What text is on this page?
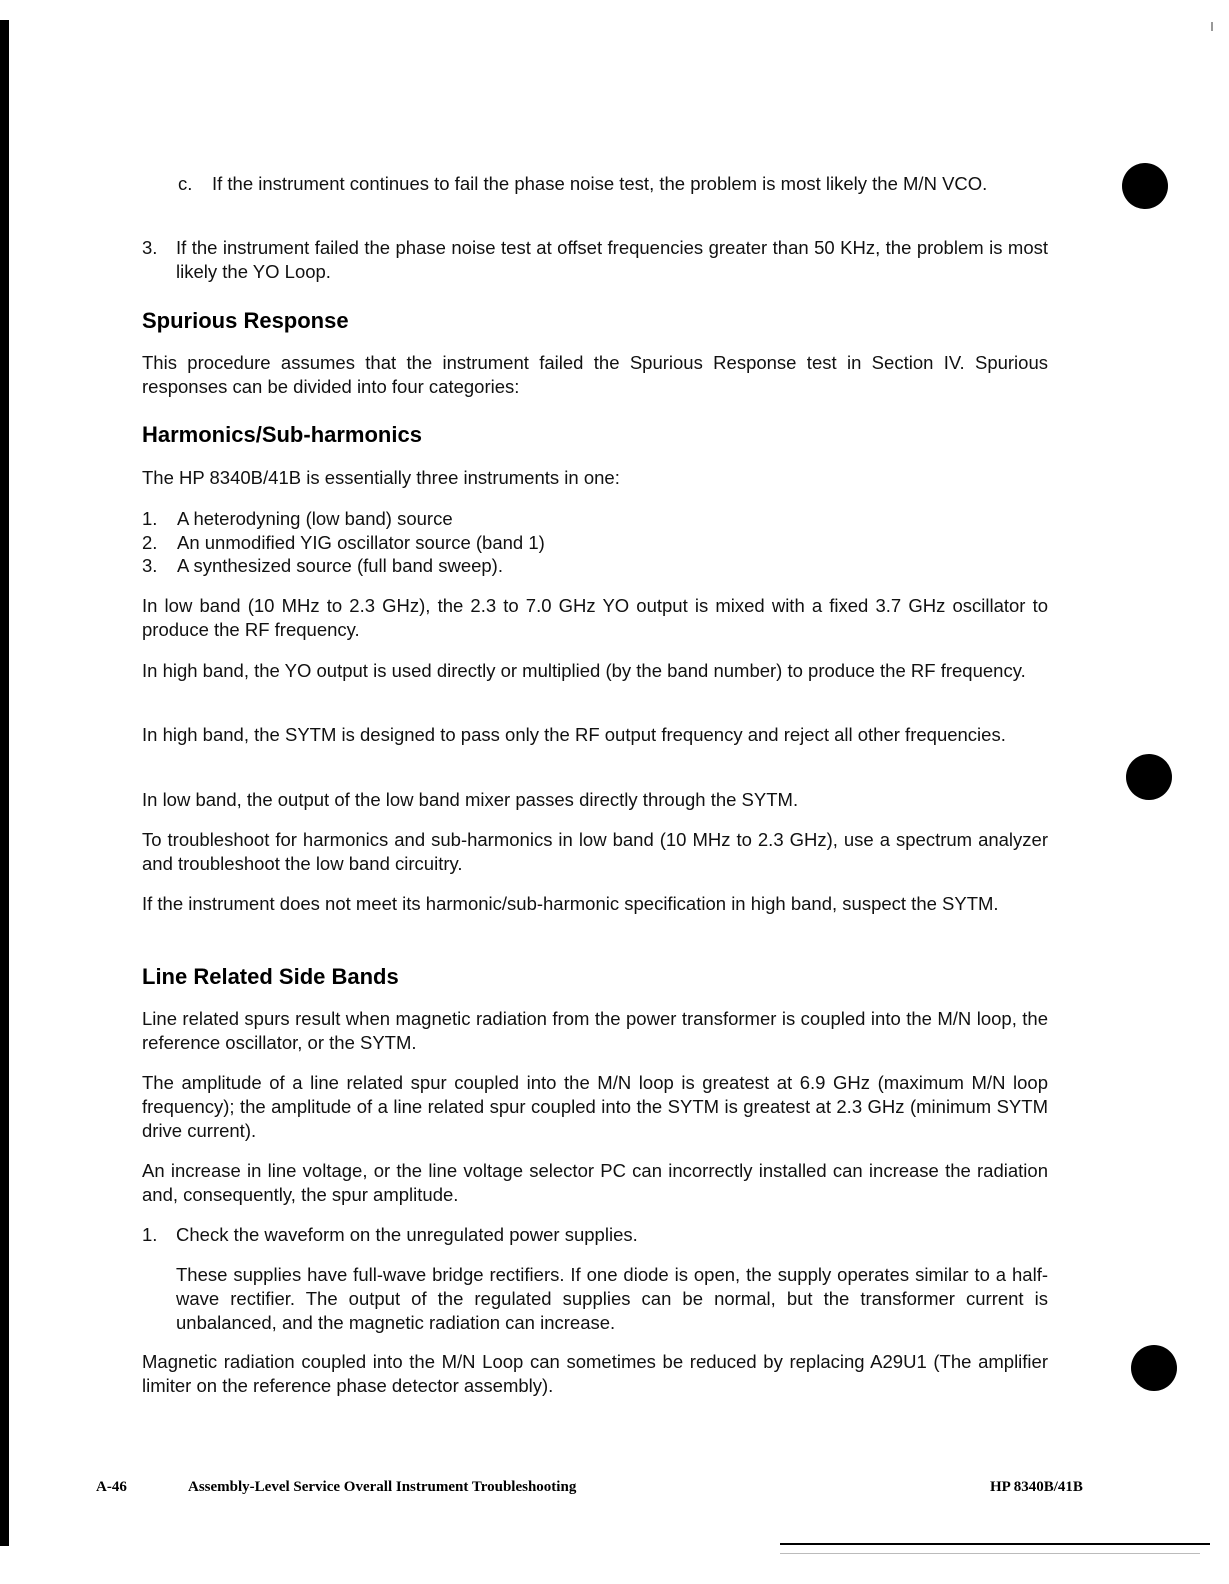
c. If the instrument continues to fail the phase noise test, the problem is most likely the M/N VCO.

3. If the instrument failed the phase noise test at offset frequencies greater than 50 KHz, the problem is most likely the YO Loop.

Spurious Response
This procedure assumes that the instrument failed the Spurious Response test in Section IV. Spurious responses can be divided into four categories:
Harmonics/Sub-harmonics
The HP 8340B/41B is essentially three instruments in one:
1. A heterodyning (low band) source
2. An unmodified YIG oscillator source (band 1)
3. A synthesized source (full band sweep).
In low band (10 MHz to 2.3 GHz), the 2.3 to 7.0 GHz YO output is mixed with a fixed 3.7 GHz oscillator to produce the RF frequency.
In high band, the YO output is used directly or multiplied (by the band number) to produce the RF frequency.
In high band, the SYTM is designed to pass only the RF output frequency and reject all other frequencies.
In low band, the output of the low band mixer passes directly through the SYTM.
To troubleshoot for harmonics and sub-harmonics in low band (10 MHz to 2.3 GHz), use a spectrum analyzer and troubleshoot the low band circuitry.
If the instrument does not meet its harmonic/sub-harmonic specification in high band, suspect the SYTM.
Line Related Side Bands
Line related spurs result when magnetic radiation from the power transformer is coupled into the M/N loop, the reference oscillator, or the SYTM.
The amplitude of a line related spur coupled into the M/N loop is greatest at 6.9 GHz (maximum M/N loop frequency); the amplitude of a line related spur coupled into the SYTM is greatest at 2.3 GHz (minimum SYTM drive current).
An increase in line voltage, or the line voltage selector PC can incorrectly installed can increase the radiation and, consequently, the spur amplitude.
1. Check the waveform on the unregulated power supplies.

These supplies have full-wave bridge rectifiers. If one diode is open, the supply operates similar to a half-wave rectifier. The output of the regulated supplies can be normal, but the transformer current is unbalanced, and the magnetic radiation can increase.
Magnetic radiation coupled into the M/N Loop can sometimes be reduced by replacing A29U1 (The amplifier limiter on the reference phase detector assembly).
A-46	Assembly-Level Service Overall Instrument Troubleshooting	HP 8340B/41B
